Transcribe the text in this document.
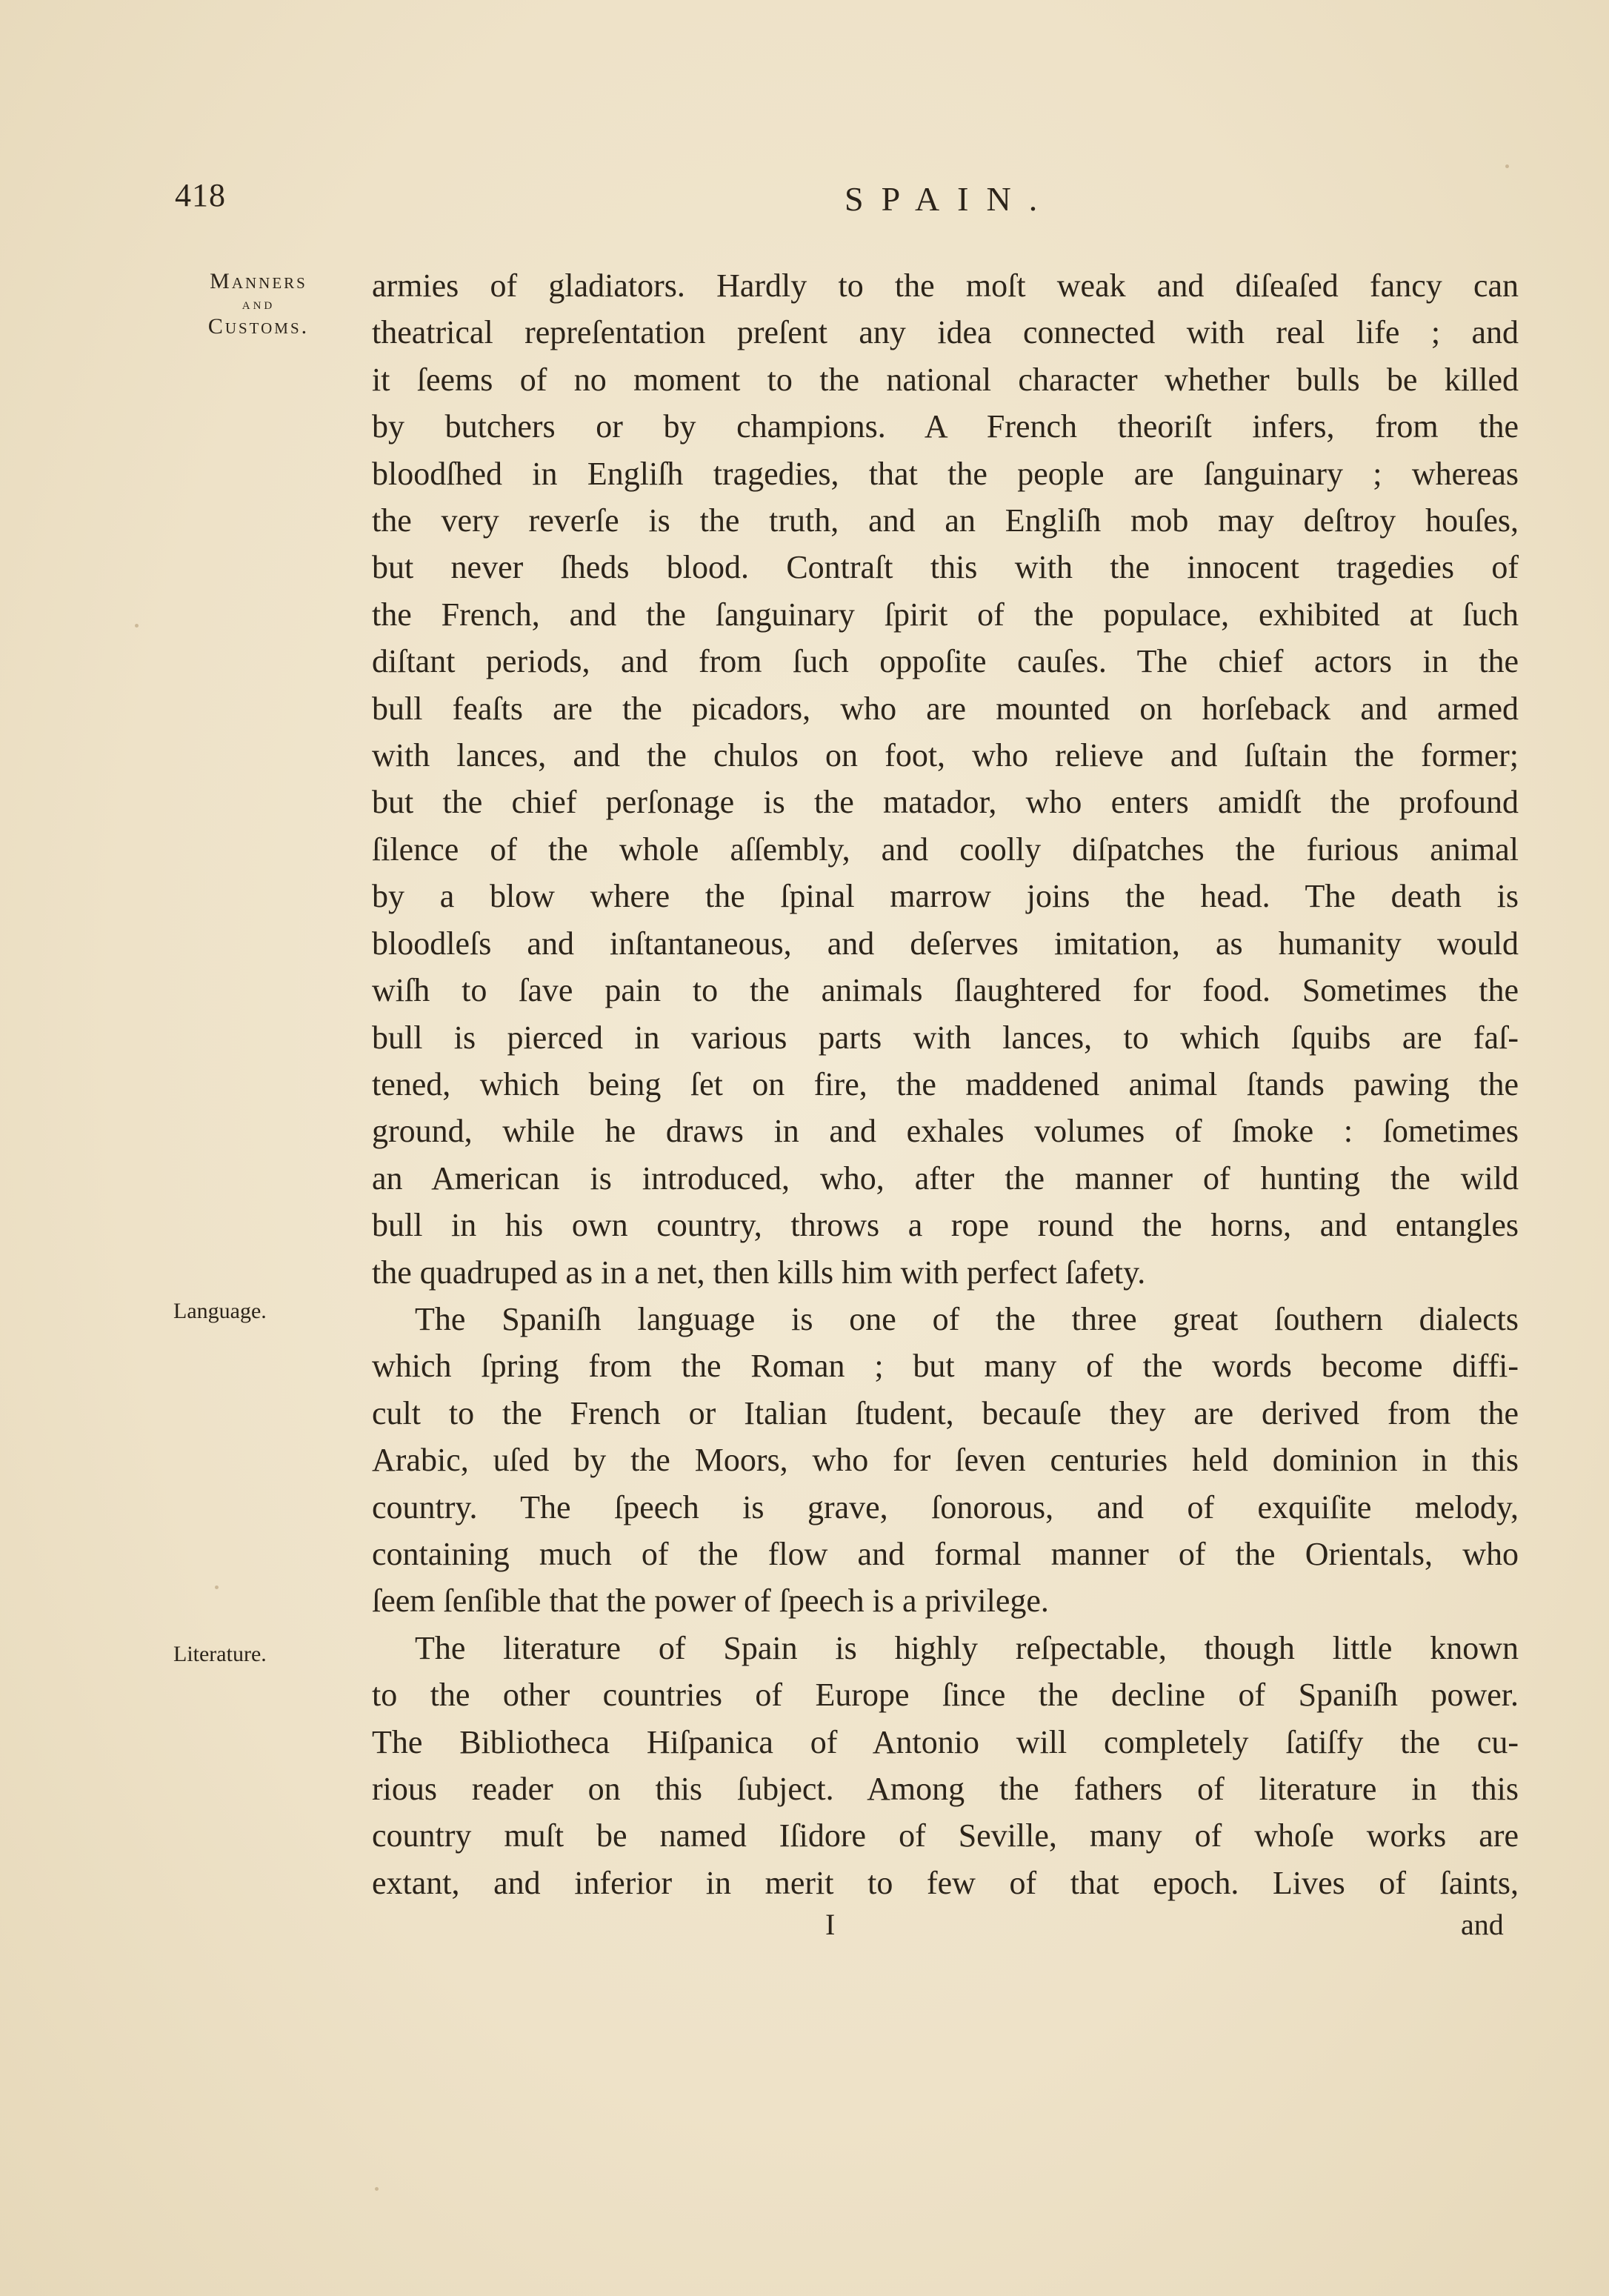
418	SPAIN.
Manners
and
Customs.
Language.
Literature.
armies of gladiators. Hardly to the moſt weak and diſeaſed fancy can
theatrical repreſentation preſent any idea connected with real life ; and
it ſeems of no moment to the national character whether bulls be killed
by butchers or by champions. A French theoriſt infers, from the
bloodſhed in Engliſh tragedies, that the people are ſanguinary ; whereas
the very reverſe is the truth, and an Engliſh mob may deſtroy houſes,
but never ſheds blood. Contraſt this with the innocent tragedies of
the French, and the ſanguinary ſpirit of the populace, exhibited at ſuch
diſtant periods, and from ſuch oppoſite cauſes. The chief actors in the
bull feaſts are the picadors, who are mounted on horſeback and armed
with lances, and the chulos on foot, who relieve and ſuſtain the former;
but the chief perſonage is the matador, who enters amidſt the profound
ſilence of the whole aſſembly, and coolly diſpatches the furious animal
by a blow where the ſpinal marrow joins the head. The death is
bloodleſs and inſtantaneous, and deſerves imitation, as humanity would
wiſh to ſave pain to the animals ſlaughtered for food. Sometimes the
bull is pierced in various parts with lances, to which ſquibs are faſ-
tened, which being ſet on fire, the maddened animal ſtands pawing the
ground, while he draws in and exhales volumes of ſmoke : ſometimes
an American is introduced, who, after the manner of hunting the wild
bull in his own country, throws a rope round the horns, and entangles
the quadruped as in a net, then kills him with perfect ſafety.
The Spaniſh language is one of the three great ſouthern dialects
which ſpring from the Roman ; but many of the words become diffi-
cult to the French or Italian ſtudent, becauſe they are derived from the
Arabic, uſed by the Moors, who for ſeven centuries held dominion in this
country. The ſpeech is grave, ſonorous, and of exquiſite melody,
containing much of the flow and formal manner of the Orientals, who
ſeem ſenſible that the power of ſpeech is a privilege.
The literature of Spain is highly reſpectable, though little known
to the other countries of Europe ſince the decline of Spaniſh power.
The Bibliotheca Hiſpanica of Antonio will completely ſatiſfy the cu-
rious reader on this ſubject. Among the fathers of literature in this
country muſt be named Iſidore of Seville, many of whoſe works are
extant, and inferior in merit to few of that epoch. Lives of ſaints,
I	and
